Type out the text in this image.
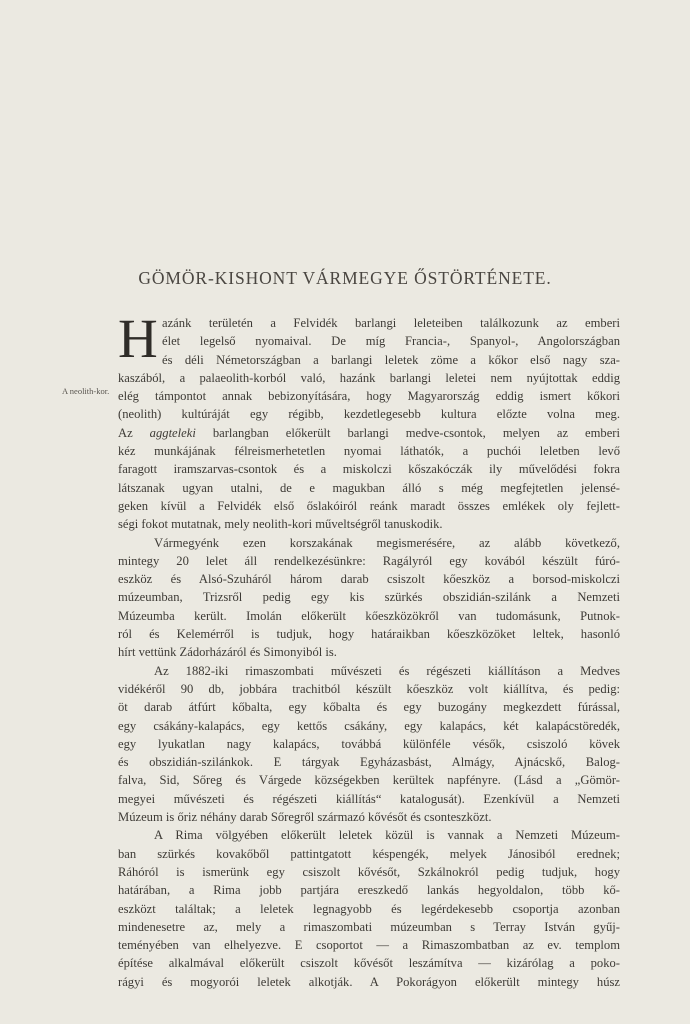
GÖMÖR-KISHONT VÁRMEGYE ŐSTÖRTÉNETE.
A neolith-kor.
H azánk területén a Felvidék barlangi leleteiben találkozunk az emberi
élet legelső nyomaival. De míg Francia-, Spanyol-, Angolországban
és déli Németországban a barlangi leletek zöme a kőkor első nagy sza-
kaszából, a palaeolith-korból való, hazánk barlangi leletei nem nyújtottak eddig
elég támpontot annak bebizonyítására, hogy Magyarország eddig ismert kőkori
(neolith) kultúráját egy régibb, kezdetlegesebb kultura előzte volna meg.
Az aggteleki barlangban előkerült barlangi medve-csontok, melyen az emberi
kéz munkájának félreismerhetetlen nyomai láthatók, a puchói leletben levő
faragott iramszarvas-csontok és a miskolczi kőszakóczák ily művelődési fokra
látszanak ugyan utalni, de e magukban álló s még megfejtetlen jelensé-
geken kívül a Felvidék első őslakóiról reánk maradt összes emlékek oly fejlett-
ségi fokot mutatnak, mely neolith-kori műveltségről tanuskodik.
Vármegyénk ezen korszakának megismerésére, az alább következő,
mintegy 20 lelet áll rendelkezésünkre: Ragályról egy kovából készült fúró-
eszköz és Alsó-Szuháról három darab csiszolt kőeszköz a borsod-miskolczi
múzeumban, Trizsről pedig egy kis szürkés obszidián-szilánk a Nemzeti
Múzeumba került. Imolán előkerült kőeszközökről van tudomásunk, Putnok-
ról és Kelemérről is tudjuk, hogy határaikban kőeszközöket leltek, hasonló
hírt vettünk Zádorházáról és Simonyiból is.
Az 1882-iki rimaszombati művészeti és régészeti kiállításon a Medves
vidékéről 90 db, jobbára trachitból készült kőeszköz volt kiállítva, és pedig:
öt darab átfúrt kőbalta, egy kőbalta és egy buzogány megkezdett fúrással,
egy csákány-kalapács, egy kettős csákány, egy kalapács, két kalapácstöredék,
egy lyukatlan nagy kalapács, továbbá különféle vésők, csiszoló kövek
és obszidián-szilánkok. E tárgyak Egyházasbást, Almágy, Ajnácskő, Balog-
falva, Sid, Sőreg és Várgede községekben kerültek napfényre. (Lásd a „Gömör-
megyei művészeti és régészeti kiállítás“ katalogusát). Ezenkívül a Nemzeti
Múzeum is őriz néhány darab Sőregről származó kővésőt és csonteszközt.
A Rima völgyében előkerült leletek közül is vannak a Nemzeti Múzeum-
ban szürkés kovakőből pattintgatott késpengék, melyek Jánosiból erednek;
Ráhóról is ismerünk egy csiszolt kővésőt, Szkálnokról pedig tudjuk, hogy
határában, a Rima jobb partjára ereszkedő lankás hegyoldalon, több kő-
eszközt találtak; a leletek legnagyobb és legérdekesebb csoportja azonban
mindenesetre az, mely a rimaszombati múzeumban s Terray István gyűj-
teményében van elhelyezve. E csoportot — a Rimaszombatban az ev. templom
építése alkalmával előkerült csiszolt kővésőt leszámítva — kizárólag a poko-
rágyi és mogyorói leletek alkotják. A Pokorágyon előkerült mintegy húsz
